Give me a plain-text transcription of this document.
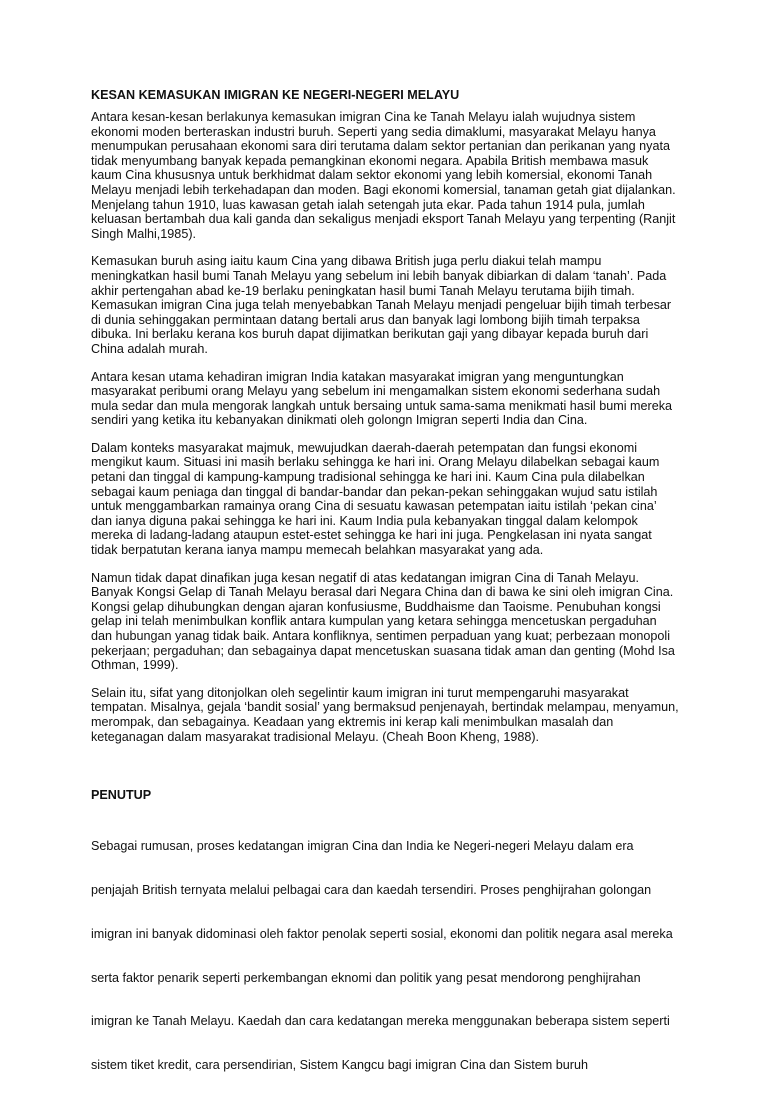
KESAN KEMASUKAN IMIGRAN KE NEGERI-NEGERI MELAYU
Antara kesan-kesan berlakunya kemasukan imigran Cina ke Tanah Melayu ialah wujudnya sistem
ekonomi moden berteraskan industri buruh. Seperti yang sedia dimaklumi, masyarakat Melayu hanya
menumpukan perusahaan ekonomi sara diri terutama dalam sektor pertanian dan perikanan yang nyata
tidak menyumbang banyak kepada pemangkinan ekonomi negara. Apabila British membawa masuk
kaum Cina khususnya untuk berkhidmat dalam sektor ekonomi yang lebih komersial, ekonomi Tanah
Melayu menjadi lebih terkehadapan dan moden. Bagi ekonomi komersial, tanaman getah giat dijalankan.
Menjelang tahun 1910, luas kawasan getah ialah setengah juta ekar. Pada tahun 1914 pula, jumlah
keluasan bertambah dua kali ganda dan sekaligus menjadi eksport Tanah Melayu yang terpenting (Ranjit
Singh Malhi,1985).
Kemasukan buruh asing iaitu kaum Cina yang dibawa British juga perlu diakui telah mampu
meningkatkan hasil bumi Tanah Melayu yang sebelum ini lebih banyak dibiarkan di dalam ‘tanah’. Pada
akhir pertengahan abad ke-19 berlaku peningkatan hasil bumi Tanah Melayu terutama bijih timah.
Kemasukan imigran Cina juga telah menyebabkan Tanah Melayu menjadi pengeluar bijih timah terbesar
di dunia sehinggakan permintaan datang bertali arus dan banyak lagi lombong bijih timah terpaksa
dibuka. Ini berlaku kerana kos buruh dapat dijimatkan berikutan gaji yang dibayar kepada buruh dari
China adalah murah.
Antara kesan utama kehadiran imigran India katakan masyarakat imigran yang menguntungkan
masyarakat peribumi orang Melayu yang sebelum ini mengamalkan sistem ekonomi sederhana sudah
mula sedar dan mula mengorak langkah untuk bersaing untuk sama-sama menikmati hasil bumi mereka
sendiri yang ketika itu kebanyakan dinikmati oleh golongn Imigran seperti India dan Cina.
Dalam konteks masyarakat majmuk, mewujudkan daerah-daerah petempatan dan fungsi ekonomi
mengikut kaum. Situasi ini masih berlaku sehingga ke hari ini. Orang Melayu dilabelkan sebagai kaum
petani dan tinggal di kampung-kampung tradisional sehingga ke hari ini. Kaum Cina pula dilabelkan
sebagai kaum peniaga dan tinggal di bandar-bandar dan pekan-pekan sehinggakan wujud satu istilah
untuk menggambarkan ramainya orang Cina di sesuatu kawasan petempatan iaitu istilah ‘pekan cina’
dan ianya diguna pakai sehingga ke hari ini. Kaum India pula kebanyakan tinggal dalam kelompok
mereka di ladang-ladang ataupun estet-estet sehingga ke hari ini juga. Pengkelasan ini nyata sangat
tidak berpatutan kerana ianya mampu memecah belahkan masyarakat yang ada.
Namun tidak dapat dinafikan juga kesan negatif di atas kedatangan imigran Cina di Tanah Melayu.
Banyak Kongsi Gelap di Tanah Melayu berasal dari Negara China dan di bawa ke sini oleh imigran Cina.
Kongsi gelap dihubungkan dengan ajaran konfusiusme, Buddhaisme dan Taoisme. Penubuhan kongsi
gelap ini telah menimbulkan konflik antara kumpulan yang ketara sehingga mencetuskan pergaduhan
dan hubungan yanag tidak baik. Antara konfliknya, sentimen perpaduan yang kuat; perbezaan monopoli
pekerjaan; pergaduhan; dan sebagainya dapat mencetuskan suasana tidak aman dan genting (Mohd Isa
Othman, 1999).
Selain itu, sifat yang ditonjolkan oleh segelintir kaum imigran ini turut mempengaruhi masyarakat
tempatan. Misalnya, gejala ‘bandit sosial’ yang bermaksud penjenayah, bertindak melampau, menyamun,
merompak, dan sebagainya. Keadaan yang ektremis ini kerap kali menimbulkan masalah dan
keteganagan dalam masyarakat tradisional Melayu. (Cheah Boon Kheng, 1988).
PENUTUP

Sebagai rumusan, proses kedatangan imigran Cina dan India ke Negeri-negeri Melayu dalam era

penjajah British ternyata melalui pelbagai cara dan kaedah tersendiri. Proses penghijrahan golongan

imigran ini banyak didominasi oleh faktor penolak seperti sosial, ekonomi dan politik negara asal mereka

serta faktor penarik seperti perkembangan eknomi dan politik yang pesat mendorong penghijrahan

imigran ke Tanah Melayu. Kaedah dan cara kedatangan mereka menggunakan beberapa sistem seperti

sistem tiket kredit, cara persendirian, Sistem Kangcu bagi imigran Cina dan Sistem buruh
